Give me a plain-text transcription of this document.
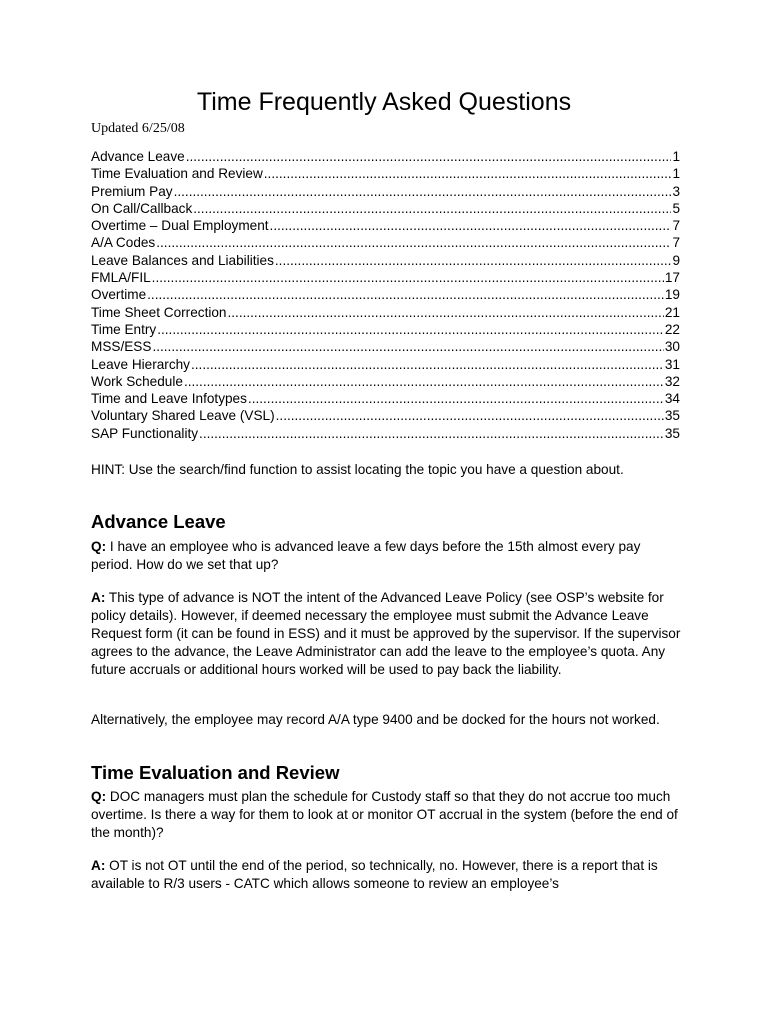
Time Frequently Asked Questions
Updated 6/25/08
Advance Leave .....	1
Time Evaluation and Review .....	1
Premium Pay .....	3
On Call/Callback .....	5
Overtime – Dual Employment .....	7
A/A Codes .....	7
Leave Balances and Liabilities .....	9
FMLA/FIL .....	17
Overtime .....	19
Time Sheet Correction .....	21
Time Entry .....	22
MSS/ESS .....	30
Leave Hierarchy .....	31
Work Schedule .....	32
Time and Leave Infotypes .....	34
Voluntary Shared Leave (VSL) .....	35
SAP Functionality .....	35

HINT: Use the search/find function to assist locating the topic you have a question about.

Advance Leave

Q: I have an employee who is advanced leave a few days before the 15th almost every pay period. How do we set that up?

A: This type of advance is NOT the intent of the Advanced Leave Policy (see OSP’s website for policy details). However, if deemed necessary the employee must submit the Advance Leave Request form (it can be found in ESS) and it must be approved by the supervisor. If the supervisor agrees to the advance, the Leave Administrator can add the leave to the employee’s quota. Any future accruals or additional hours worked will be used to pay back the liability.

Alternatively, the employee may record A/A type 9400 and be docked for the hours not worked.

Time Evaluation and Review

Q: DOC managers must plan the schedule for Custody staff so that they do not accrue too much overtime. Is there a way for them to look at or monitor OT accrual in the system (before the end of the month)?

A: OT is not OT until the end of the period, so technically, no. However, there is a report that is available to R/3 users - CATC which allows someone to review an employee’s
